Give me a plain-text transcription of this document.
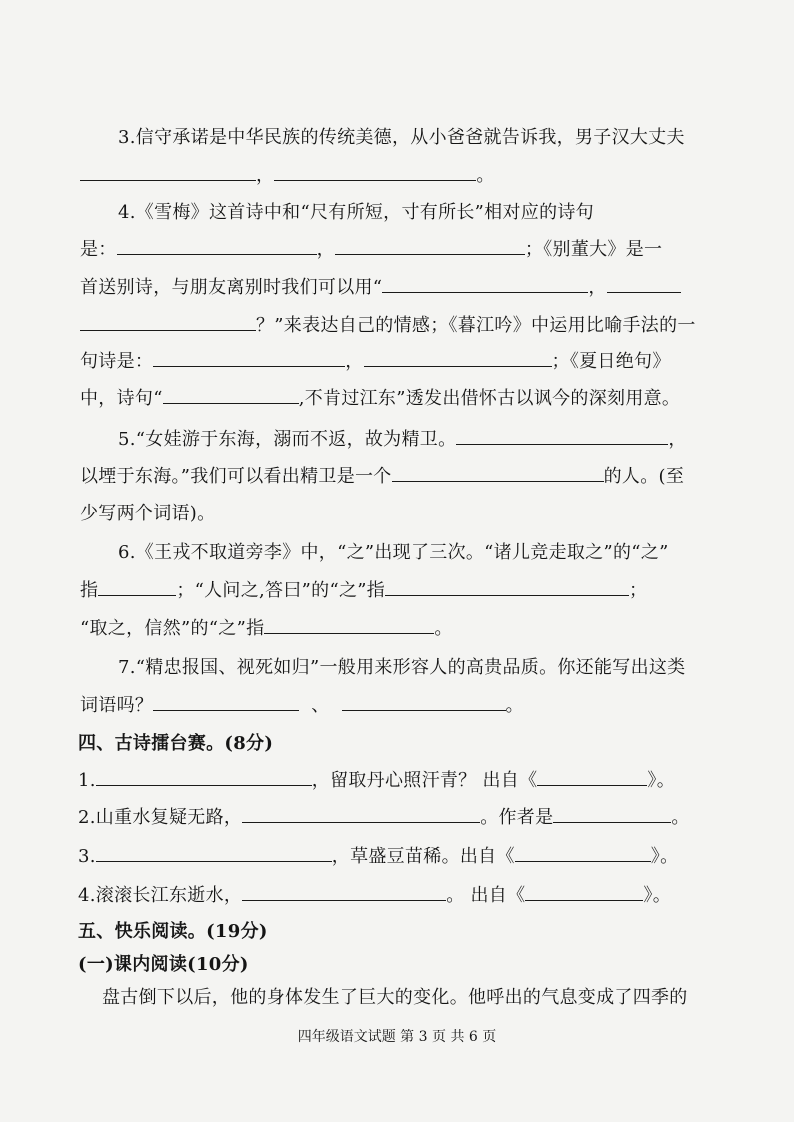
3.信守承诺是中华民族的传统美德，从小爸爸就告诉我，男子汉大丈夫
，	。
4.《雪梅》这首诗中和“尺有所短，寸有所长”相对应的诗句
是：	，	；《别董大》是一
首送别诗，与朋友离别时我们可以用“	，
？”来表达自己的情感；《暮江吟》中运用比喻手法的一
句诗是：	，	；《夏日绝句》
中，诗句“	,不肯过江东”透发出借怀古以讽今的深刻用意。
5.“女娃游于东海，溺而不返，故为精卫。	，
以堙于东海。”我们可以看出精卫是一个	的人。(至
少写两个词语)。
6.《王戎不取道旁李》中，“之”出现了三次。“诸儿竞走取之”的“之”
指	；“人问之,答曰”的“之”指	；
“取之，信然”的“之”指	。
7.“精忠报国、视死如归”一般用来形容人的高贵品质。你还能写出这类
词语吗？	、	。
四、古诗擂台赛。(8分)
1.	，留取丹心照汗青？ 出自《	》。
2.山重水复疑无路，	。作者是	。
3.	，草盛豆苗稀。出自《	》。
4.滚滚长江东逝水，	。 出自《	》。
五、快乐阅读。(19分)
(一)课内阅读(10分)
盘古倒下以后，他的身体发生了巨大的变化。他呼出的气息变成了四季的
四年级语文试题 第 3 页 共 6 页
